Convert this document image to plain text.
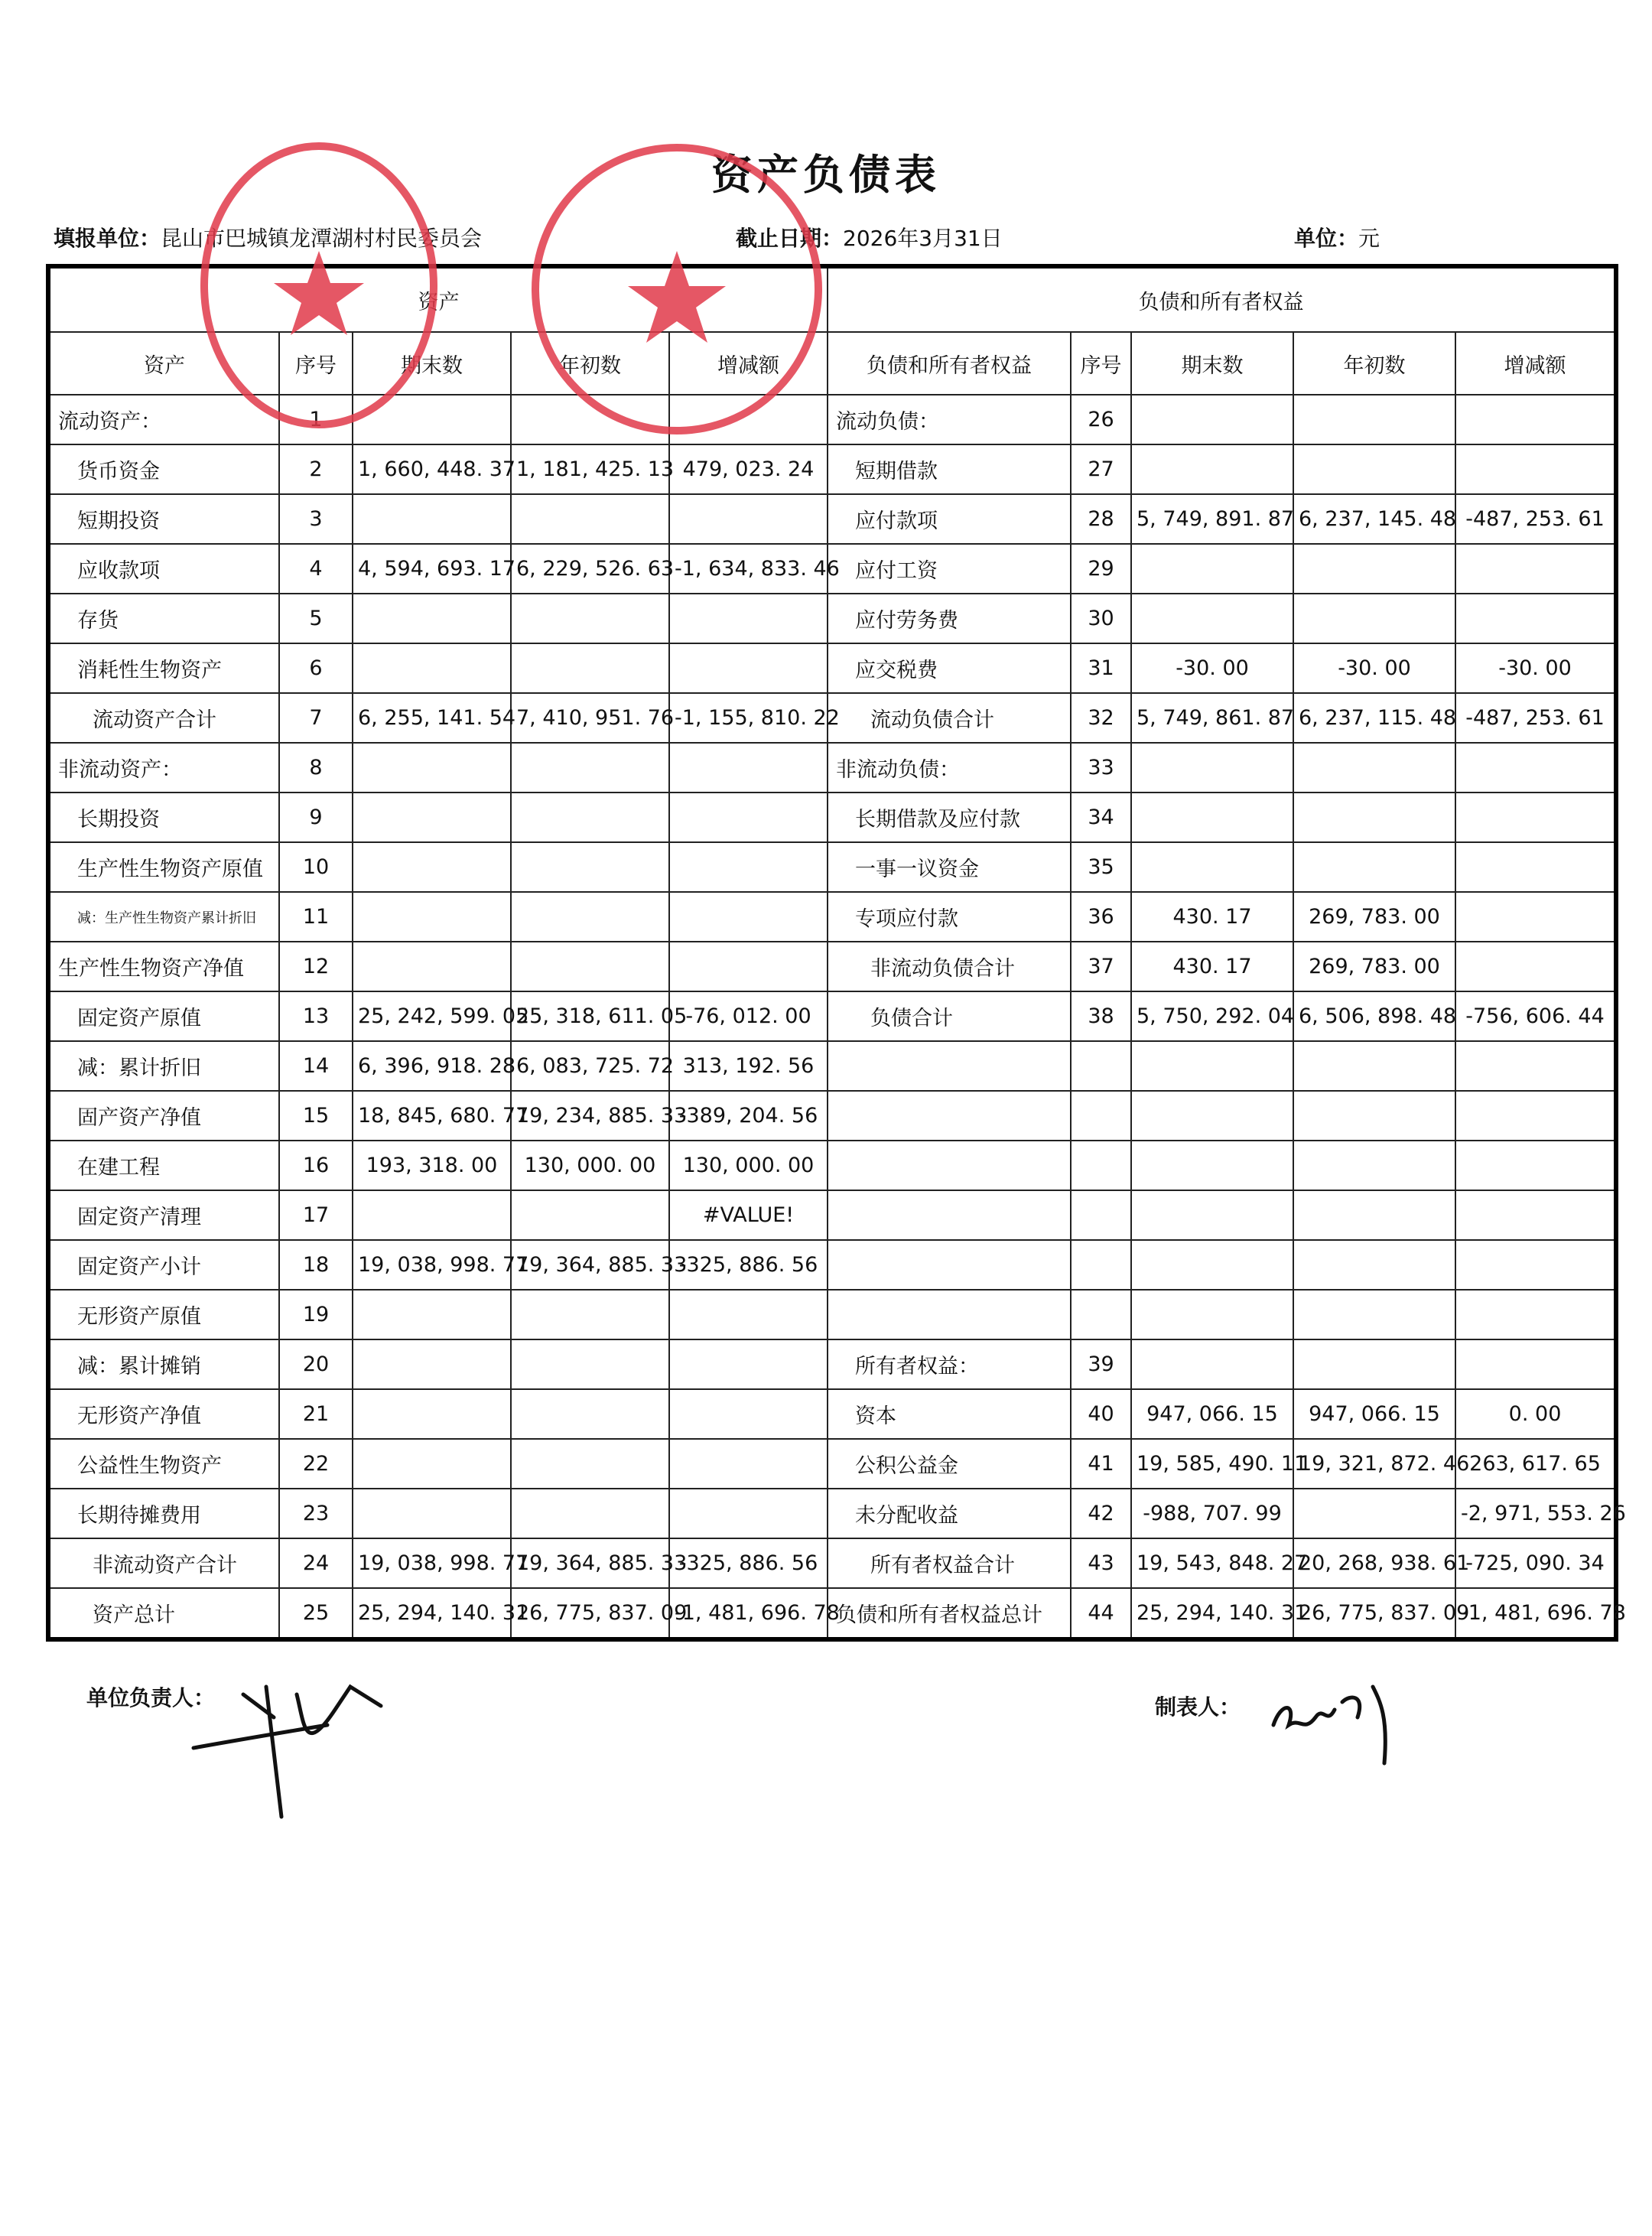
资产负债表
填报单位：昆山市巴城镇龙潭湖村村民委员会	截止日期：2026年3月31日	单位：元
资产					负债和所有者权益				
资产	序号	期末数	年初数	增减额	负债和所有者权益	序号	期末数	年初数	增减额
流动资产：	1				流动负债：	26			
货币资金	2	1, 660, 448. 37	1, 181, 425. 13	479, 023. 24	短期借款	27			
短期投资	3				应付款项	28	5, 749, 891. 87	6, 237, 145. 48	-487, 253. 61
应收款项	4	4, 594, 693. 17	6, 229, 526. 63	-1, 634, 833. 46	应付工资	29			
存货	5				应付劳务费	30			
消耗性生物资产	6				应交税费	31	-30. 00	-30. 00	-30. 00
流动资产合计	7	6, 255, 141. 54	7, 410, 951. 76	-1, 155, 810. 22	流动负债合计	32	5, 749, 861. 87	6, 237, 115. 48	-487, 253. 61
非流动资产：	8				非流动负债：	33			
长期投资	9				长期借款及应付款	34			
生产性生物资产原值	10				一事一议资金	35			
减：生产性生物资产累计折旧	11				专项应付款	36	430. 17	269, 783. 00	
生产性生物资产净值	12				非流动负债合计	37	430. 17	269, 783. 00	
固定资产原值	13	25, 242, 599. 05	25, 318, 611. 05	-76, 012. 00	负债合计	38	5, 750, 292. 04	6, 506, 898. 48	-756, 606. 44
减：累计折旧	14	6, 396, 918. 28	6, 083, 725. 72	313, 192. 56					
固产资产净值	15	18, 845, 680. 77	19, 234, 885. 33	-389, 204. 56					
在建工程	16	193, 318. 00	130, 000. 00	130, 000. 00					
固定资产清理	17			#VALUE!					
固定资产小计	18	19, 038, 998. 77	19, 364, 885. 33	-325, 886. 56					
无形资产原值	19								
减：累计摊销	20				所有者权益：	39			
无形资产净值	21				资本	40	947, 066. 15	947, 066. 15	0. 00
公益性生物资产	22				公积公益金	41	19, 585, 490. 11	19, 321, 872. 46	263, 617. 65
长期待摊费用	23				未分配收益	42	-988, 707. 99		-2, 971, 553. 26
非流动资产合计	24	19, 038, 998. 77	19, 364, 885. 33	-325, 886. 56	所有者权益合计	43	19, 543, 848. 27	20, 268, 938. 61	-725, 090. 34
资产总计	25	25, 294, 140. 31	26, 775, 837. 09	-1, 481, 696. 78	负债和所有者权益总计	44	25, 294, 140. 31	26, 775, 837. 09	-1, 481, 696. 78
单位负责人：	制表人：
